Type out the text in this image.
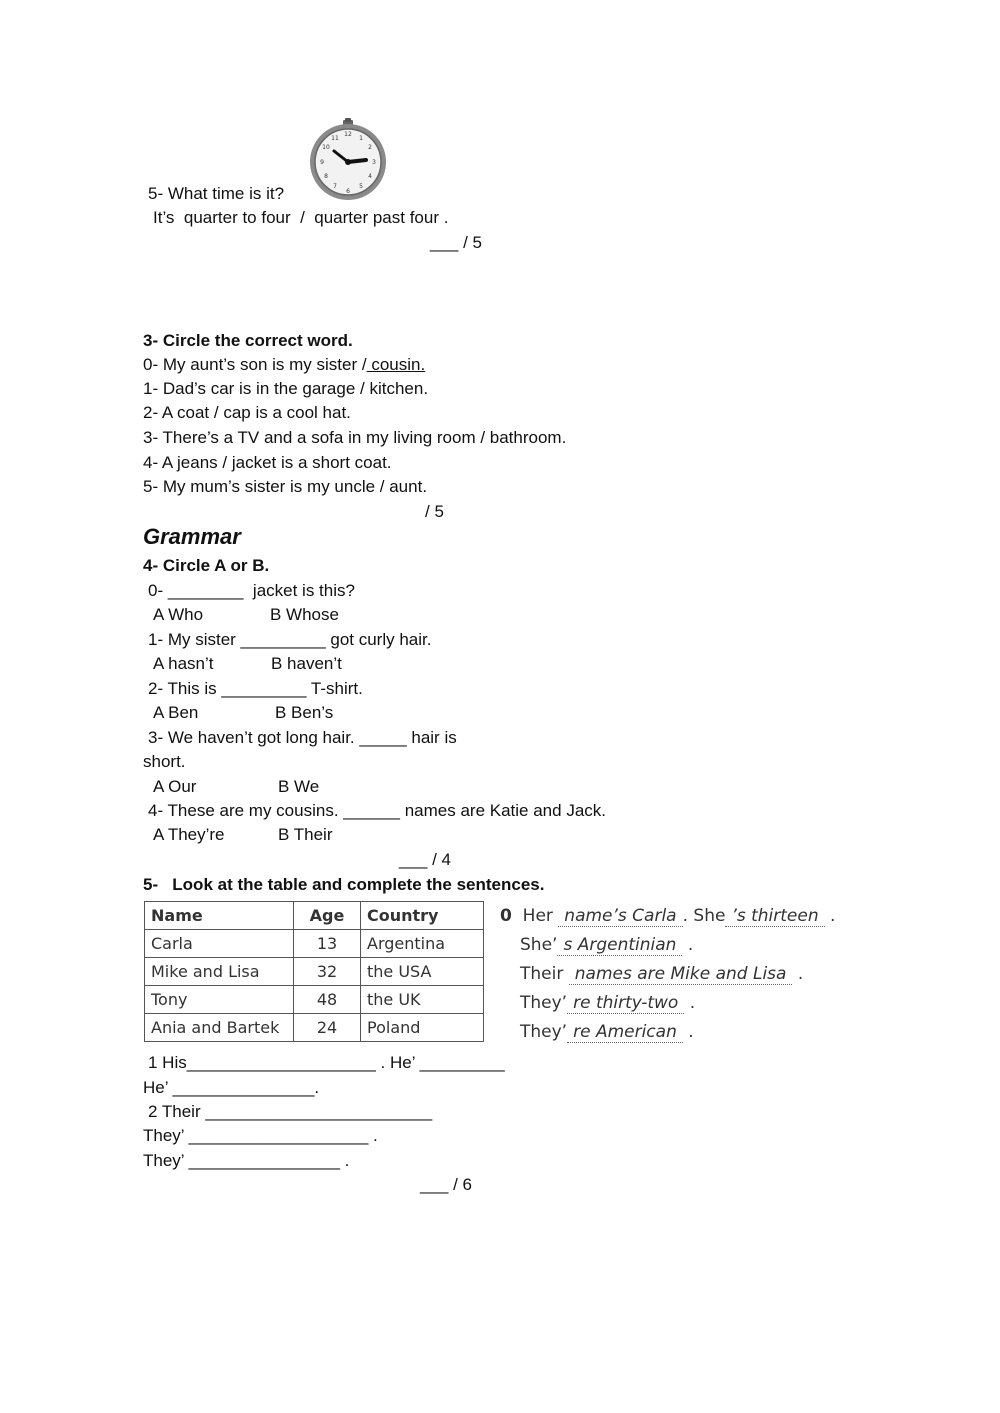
12
1
2
3
4
5
6
7
8
9
10
11
5- What time is it?
It’s  quarter to four  /  quarter past four .
___ / 5
3- Circle the correct word.
0- My aunt’s son is my sister / cousin.
1- Dad’s car is in the garage / kitchen.
2- A coat / cap is a cool hat.
3- There’s a TV and a sofa in my living room / bathroom.
4- A jeans / jacket is a short coat.
5- My mum’s sister is my uncle / aunt.
/ 5
Grammar
4- Circle A or B.
0- ________  jacket is this?
A Who	B Whose
1- My sister _________ got curly hair.
A hasn’t	B haven’t
2- This is _________ T-shirt.
A Ben	B Ben’s
3- We haven’t got long hair. _____ hair is
short.
A Our	B We
4- These are my cousins. ______ names are Katie and Jack.
A They’re	B Their
___ / 4
5-   Look at the table and complete the sentences.
Name	Age	Country
Carla	13	Argentina
Mike and Lisa	32	the USA
Tony	48	the UK
Ania and Bartek	24	Poland
0 Her name’s Carla . She ’s thirteen .
She’ s Argentinian .
Their names are Mike and Lisa .
They’ re thirty-two .
They’ re American .
1 His____________________ . He’ _________
He’ _______________.
2 Their ________________________
They’ ___________________ .
They’ ________________ .
___ / 6
